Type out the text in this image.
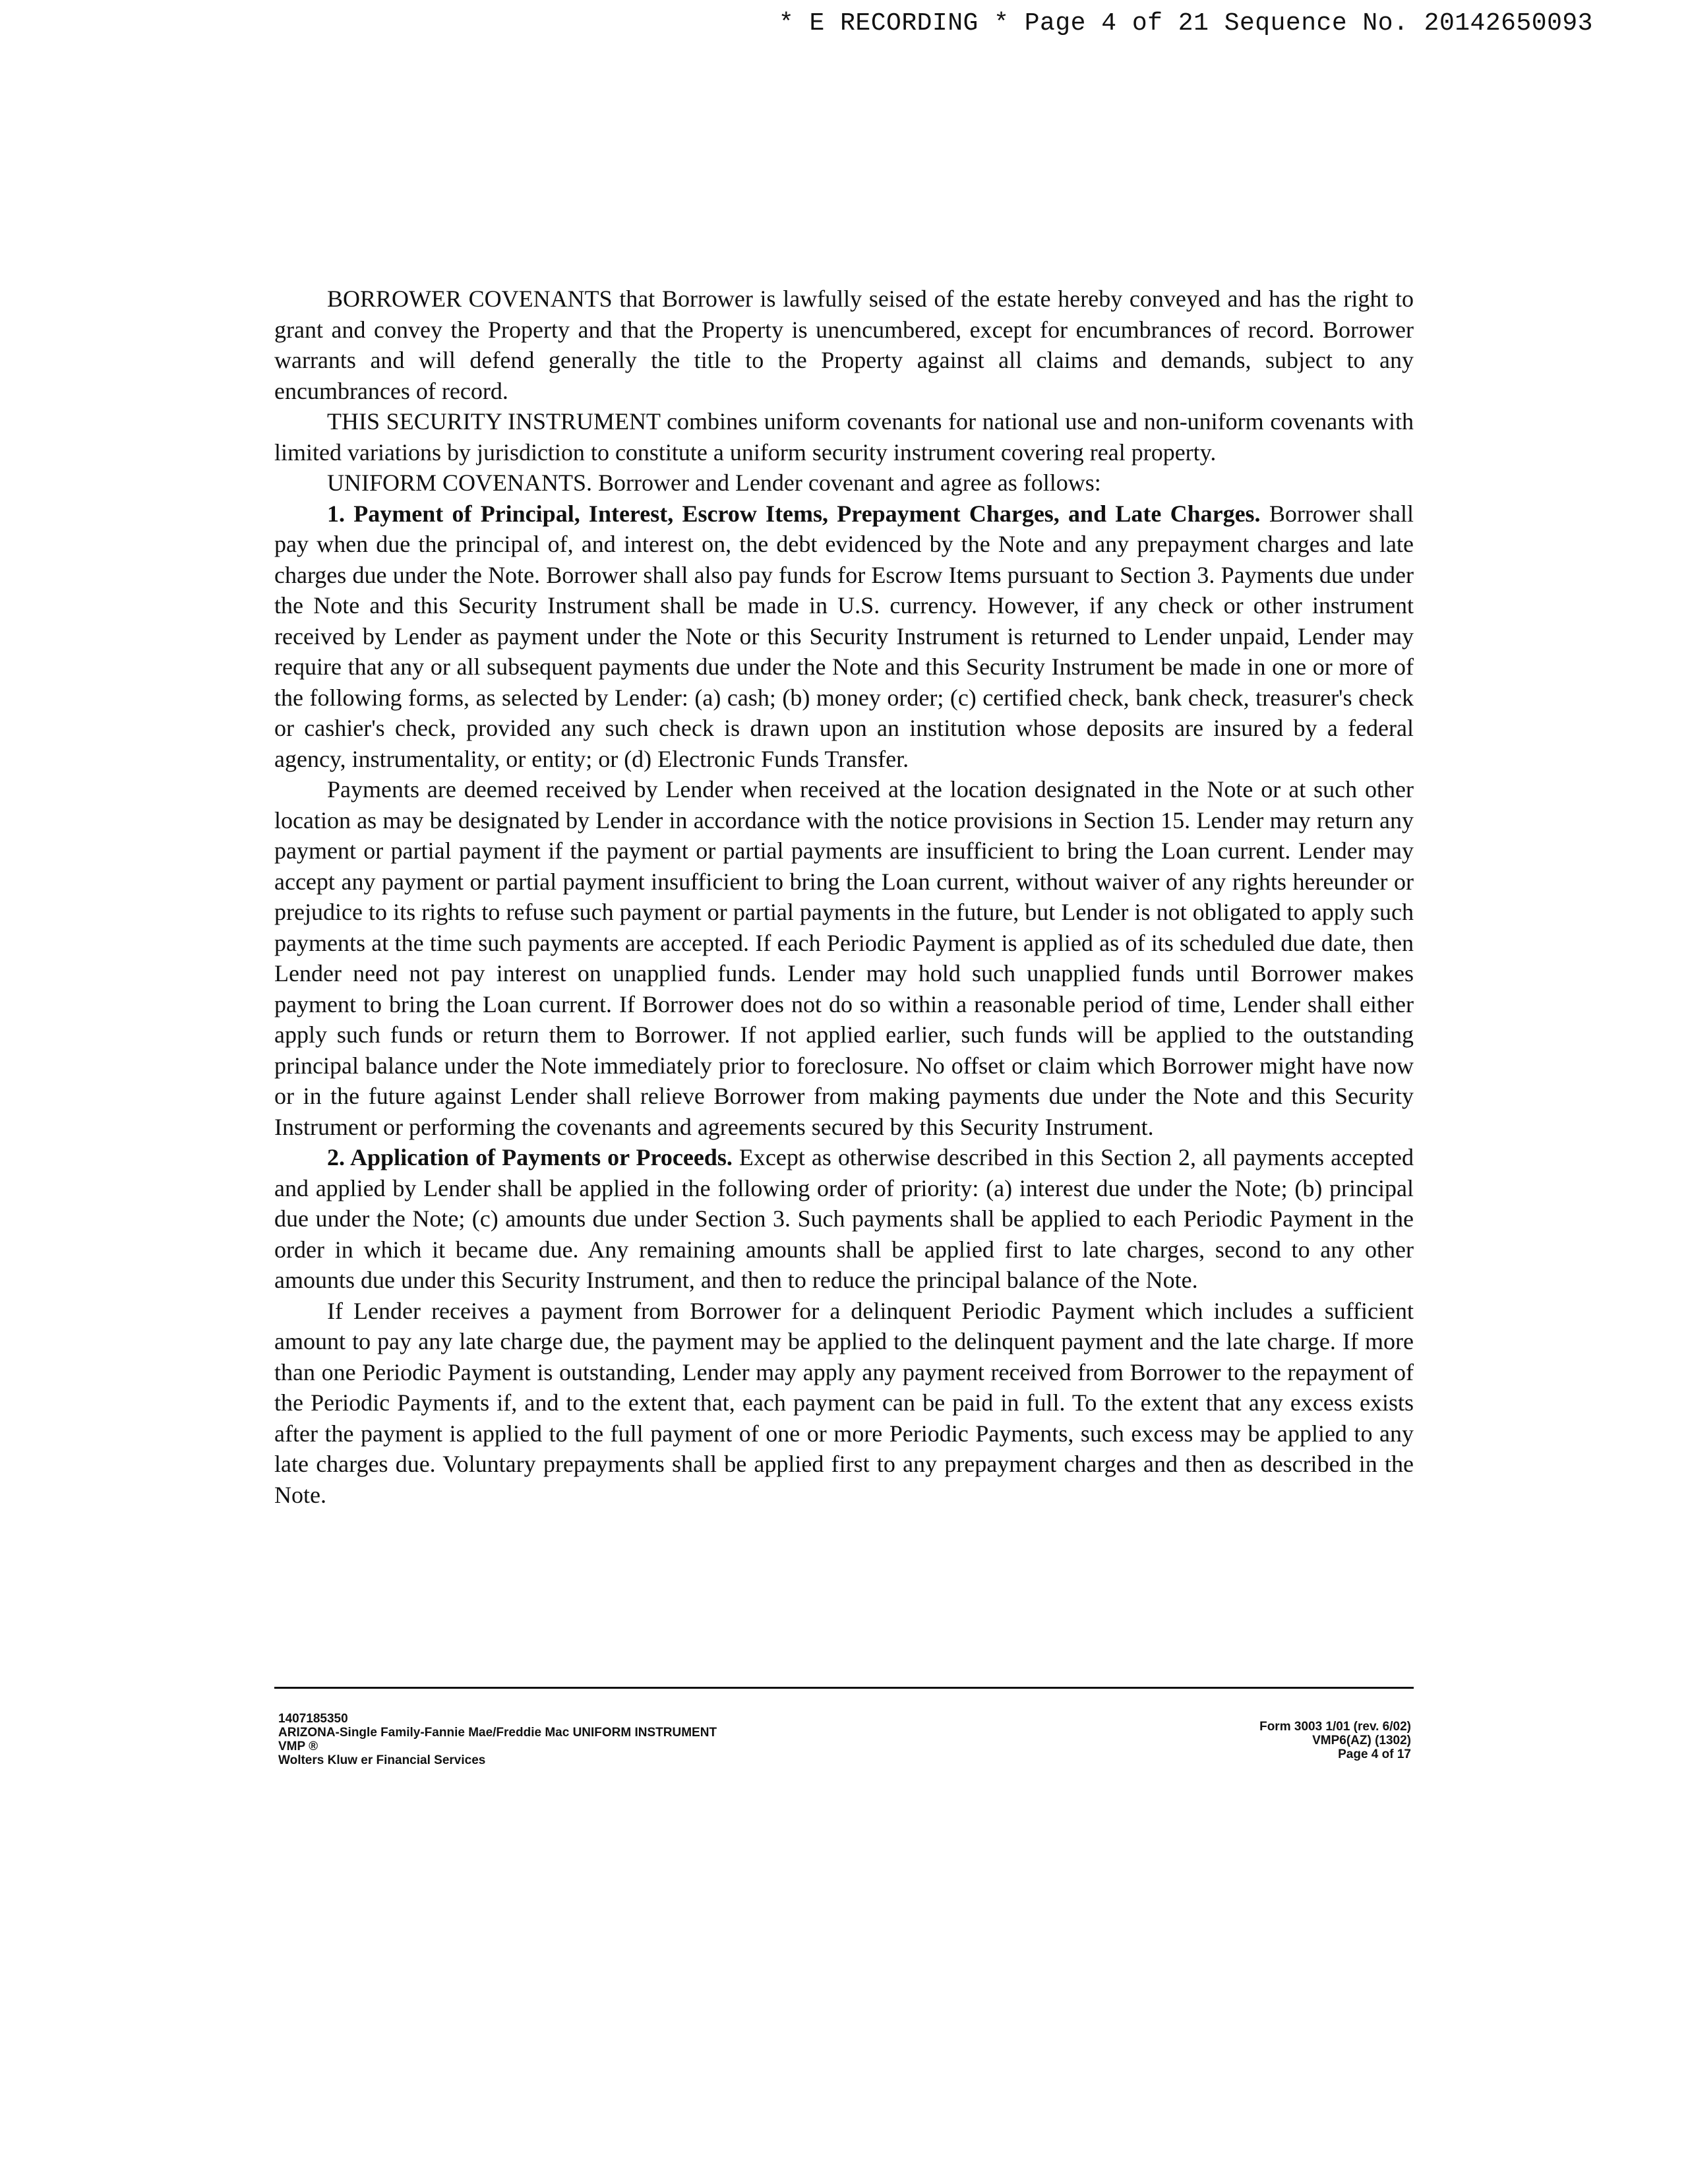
* E RECORDING * Page 4 of 21 Sequence No. 20142650093

BORROWER COVENANTS that Borrower is lawfully seised of the estate hereby conveyed and has the right to grant and convey the Property and that the Property is unencumbered, except for encumbrances of record. Borrower warrants and will defend generally the title to the Property against all claims and demands, subject to any encumbrances of record.

THIS SECURITY INSTRUMENT combines uniform covenants for national use and non-uniform covenants with limited variations by jurisdiction to constitute a uniform security instrument covering real property.

UNIFORM COVENANTS. Borrower and Lender covenant and agree as follows:

1. Payment of Principal, Interest, Escrow Items, Prepayment Charges, and Late Charges. Borrower shall pay when due the principal of, and interest on, the debt evidenced by the Note and any prepayment charges and late charges due under the Note. Borrower shall also pay funds for Escrow Items pursuant to Section 3. Payments due under the Note and this Security Instrument shall be made in U.S. currency. However, if any check or other instrument received by Lender as payment under the Note or this Security Instrument is returned to Lender unpaid, Lender may require that any or all subsequent payments due under the Note and this Security Instrument be made in one or more of the following forms, as selected by Lender: (a) cash; (b) money order; (c) certified check, bank check, treasurer's check or cashier's check, provided any such check is drawn upon an institution whose deposits are insured by a federal agency, instrumentality, or entity; or (d) Electronic Funds Transfer.

Payments are deemed received by Lender when received at the location designated in the Note or at such other location as may be designated by Lender in accordance with the notice provisions in Section 15. Lender may return any payment or partial payment if the payment or partial payments are insufficient to bring the Loan current. Lender may accept any payment or partial payment insufficient to bring the Loan current, without waiver of any rights hereunder or prejudice to its rights to refuse such payment or partial payments in the future, but Lender is not obligated to apply such payments at the time such payments are accepted. If each Periodic Payment is applied as of its scheduled due date, then Lender need not pay interest on unapplied funds. Lender may hold such unapplied funds until Borrower makes payment to bring the Loan current. If Borrower does not do so within a reasonable period of time, Lender shall either apply such funds or return them to Borrower. If not applied earlier, such funds will be applied to the outstanding principal balance under the Note immediately prior to foreclosure. No offset or claim which Borrower might have now or in the future against Lender shall relieve Borrower from making payments due under the Note and this Security Instrument or performing the covenants and agreements secured by this Security Instrument.

2. Application of Payments or Proceeds. Except as otherwise described in this Section 2, all payments accepted and applied by Lender shall be applied in the following order of priority: (a) interest due under the Note; (b) principal due under the Note; (c) amounts due under Section 3. Such payments shall be applied to each Periodic Payment in the order in which it became due. Any remaining amounts shall be applied first to late charges, second to any other amounts due under this Security Instrument, and then to reduce the principal balance of the Note.

If Lender receives a payment from Borrower for a delinquent Periodic Payment which includes a sufficient amount to pay any late charge due, the payment may be applied to the delinquent payment and the late charge. If more than one Periodic Payment is outstanding, Lender may apply any payment received from Borrower to the repayment of the Periodic Payments if, and to the extent that, each payment can be paid in full. To the extent that any excess exists after the payment is applied to the full payment of one or more Periodic Payments, such excess may be applied to any late charges due. Voluntary prepayments shall be applied first to any prepayment charges and then as described in the Note.

1407185350
ARIZONA-Single Family-Fannie Mae/Freddie Mac UNIFORM INSTRUMENT
VMP ®
Wolters Kluw er Financial Services
Form 3003 1/01 (rev. 6/02)
VMP6(AZ) (1302)
Page 4 of 17
